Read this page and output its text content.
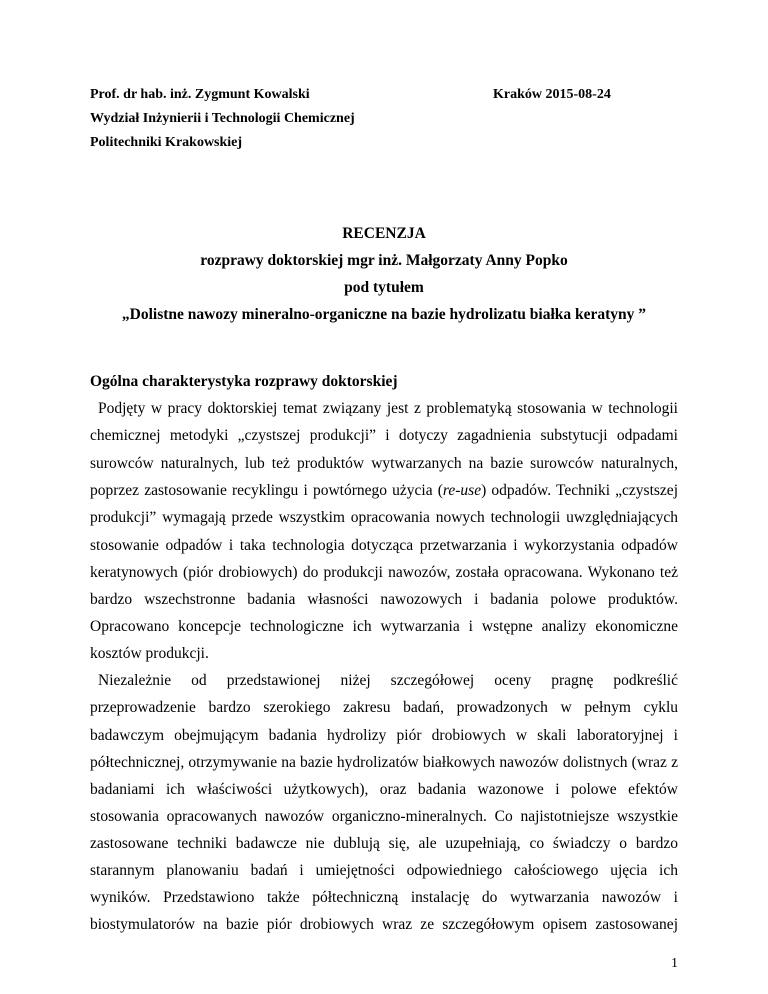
Prof. dr hab. inż. Zygmunt Kowalski	Kraków 2015-08-24
Wydział Inżynierii i Technologii Chemicznej
Politechniki Krakowskiej
RECENZJA
rozprawy doktorskiej mgr inż. Małgorzaty Anny Popko
pod tytułem
„Dolistne nawozy mineralno-organiczne na bazie hydrolizatu białka keratyny ”
Ogólna charakterystyka rozprawy doktorskiej
Podjęty w pracy doktorskiej temat związany jest z problematyką stosowania w technologii
chemicznej metodyki „czystszej produkcji” i dotyczy zagadnienia substytucji odpadami
surowców naturalnych, lub też produktów wytwarzanych na bazie surowców naturalnych,
poprzez zastosowanie recyklingu i powtórnego użycia (re-use) odpadów. Techniki „czystszej
produkcji” wymagają przede wszystkim opracowania nowych technologii uwzględniających
stosowanie odpadów i taka technologia dotycząca przetwarzania i wykorzystania odpadów
keratynowych (piór drobiowych) do produkcji nawozów, została opracowana. Wykonano też
bardzo wszechstronne badania własności nawozowych i badania polowe produktów.
Opracowano koncepcje technologiczne ich wytwarzania i wstępne analizy ekonomiczne
kosztów produkcji.
Niezależnie od przedstawionej niżej szczegółowej oceny pragnę podkreślić
przeprowadzenie bardzo szerokiego zakresu badań, prowadzonych w pełnym cyklu
badawczym obejmującym badania hydrolizy piór drobiowych w skali laboratoryjnej i
półtechnicznej, otrzymywanie na bazie hydrolizatów białkowych nawozów dolistnych (wraz z
badaniami ich właściwości użytkowych), oraz badania wazonowe i polowe efektów
stosowania opracowanych nawozów organiczno-mineralnych. Co najistotniejsze wszystkie
zastosowane techniki badawcze nie dublują się, ale uzupełniają, co świadczy o bardzo
starannym planowaniu badań i umiejętności odpowiedniego całościowego ujęcia ich
wyników. Przedstawiono także półtechniczną instalację do wytwarzania nawozów i
biostymulatorów na bazie piór drobiowych wraz ze szczegółowym opisem zastosowanej
1
